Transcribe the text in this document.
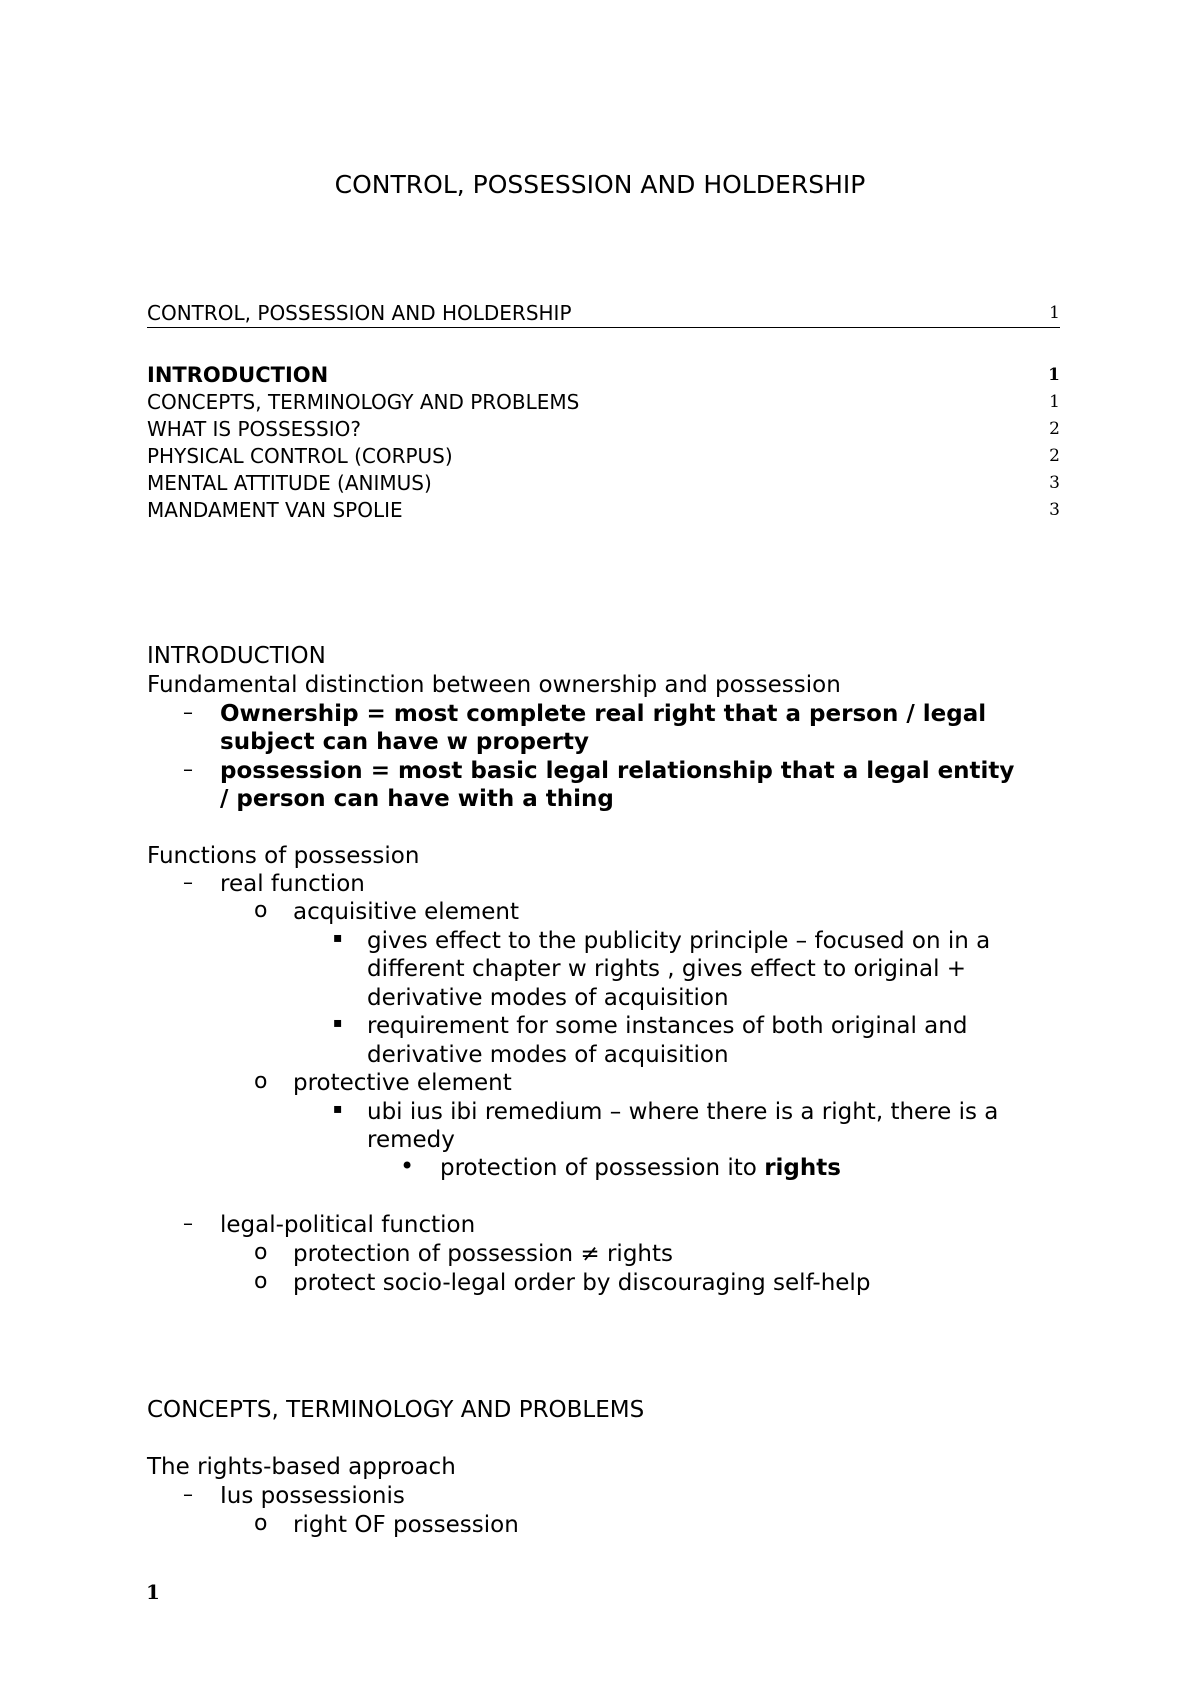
CONTROL, POSSESSION AND HOLDERSHIP
CONTROL, POSSESSION AND HOLDERSHIP	1
INTRODUCTION	1
CONCEPTS, TERMINOLOGY AND PROBLEMS	1
WHAT IS POSSESSIO?	2
PHYSICAL CONTROL (CORPUS)	2
MENTAL ATTITUDE (ANIMUS)	3
MANDAMENT VAN SPOLIE	3
INTRODUCTION
Fundamental distinction between ownership and possession
– Ownership = most complete real right that a person / legal
subject can have w property
– possession = most basic legal relationship that a legal entity
/ person can have with a thing
Functions of possession
– real function
o acquisitive element
▪ gives effect to the publicity principle – focused on in a
different chapter w rights , gives effect to original +
derivative modes of acquisition
▪ requirement for some instances of both original and
derivative modes of acquisition
o protective element
▪ ubi ius ibi remedium – where there is a right, there is a
remedy
• protection of possession ito rights
– legal-political function
o protection of possession ≠ rights
o protect socio-legal order by discouraging self-help
CONCEPTS, TERMINOLOGY AND PROBLEMS
The rights-based approach
– Ius possessionis
o right OF possession
1
